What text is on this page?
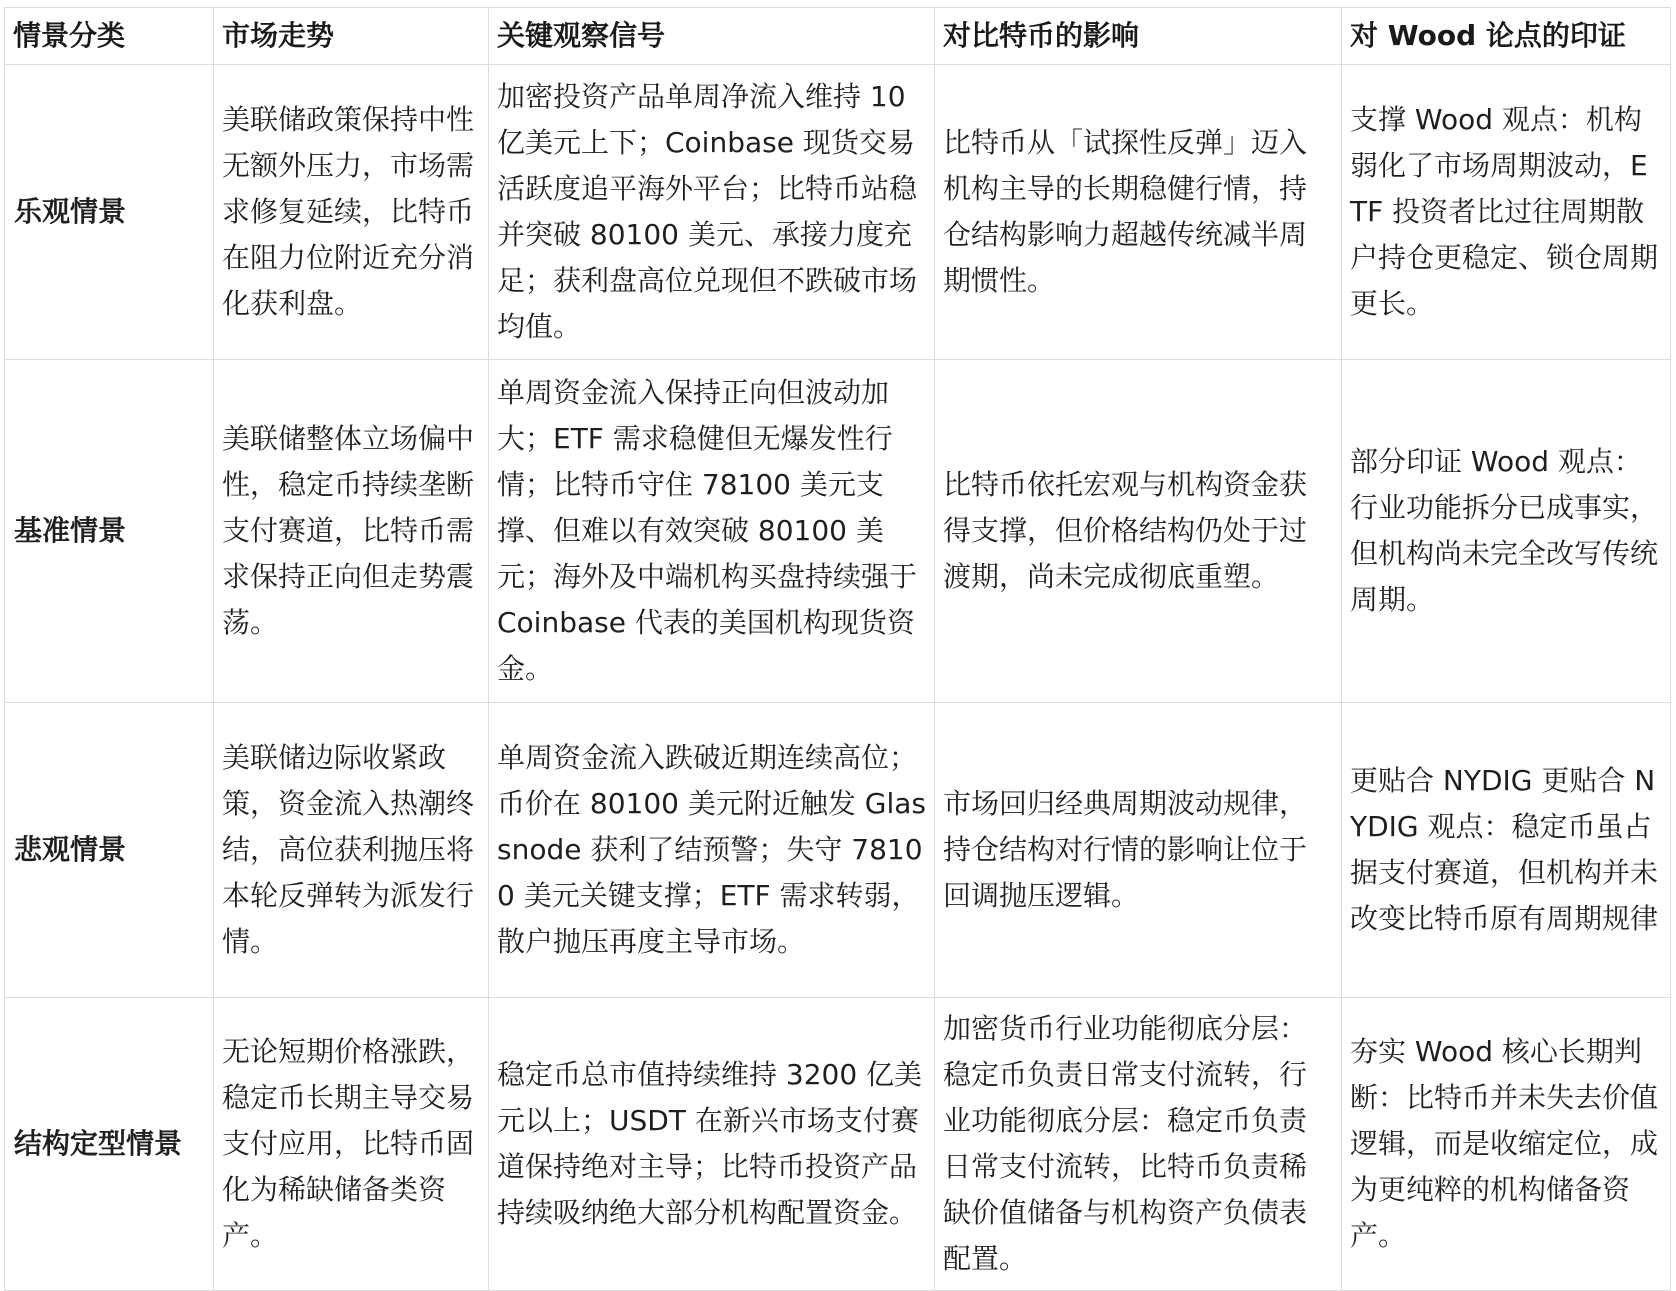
情景分类	市场走势	关键观察信号	对比特币的影响	对 Wood 论点的印证
乐观情景	美联储政策保持中性无额外压力，市场需求修复延续，比特币在阻力位附近充分消化获利盘。	加密投资产品单周净流入维持 10 亿美元上下；Coinbase 现货交易活跃度追平海外平台；比特币站稳并突破 80100 美元、承接力度充足；获利盘高位兑现但不跌破市场均值。	比特币从「试探性反弹」迈入机构主导的长期稳健行情，持仓结构影响力超越传统减半周期惯性。	支撑 Wood 观点：机构弱化了市场周期波动，ETF 投资者比过往周期散户持仓更稳定、锁仓周期更长。
基准情景	美联储整体立场偏中性，稳定币持续垄断支付赛道，比特币需求保持正向但走势震荡。	单周资金流入保持正向但波动加大；ETF 需求稳健但无爆发性行情；比特币守住 78100 美元支撑、但难以有效突破 80100 美元；海外及中端机构买盘持续强于 Coinbase 代表的美国机构现货资金。	比特币依托宏观与机构资金获得支撑，但价格结构仍处于过渡期，尚未完成彻底重塑。	部分印证 Wood 观点：行业功能拆分已成事实，但机构尚未完全改写传统周期。
悲观情景	美联储边际收紧政策，资金流入热潮终结，高位获利抛压将本轮反弹转为派发行情。	单周资金流入跌破近期连续高位；币价在 80100 美元附近触发 Glassnode 获利了结预警；失守 78100 美元关键支撑；ETF 需求转弱，散户抛压再度主导市场。	市场回归经典周期波动规律，持仓结构对行情的影响让位于回调抛压逻辑。	更贴合 NYDIG 更贴合 NYDIG 观点：稳定币虽占据支付赛道，但机构并未改变比特币原有周期规律
结构定型情景	无论短期价格涨跌，稳定币长期主导交易支付应用，比特币固化为稀缺储备类资产。	稳定币总市值持续维持 3200 亿美元以上；USDT 在新兴市场支付赛道保持绝对主导；比特币投资产品持续吸纳绝大部分机构配置资金。	加密货币行业功能彻底分层：稳定币负责日常支付流转，行业功能彻底分层：稳定币负责日常支付流转，比特币负责稀缺价值储备与机构资产负债表配置。	夯实 Wood 核心长期判断：比特币并未失去价值逻辑，而是收缩定位，成为更纯粹的机构储备资产。
